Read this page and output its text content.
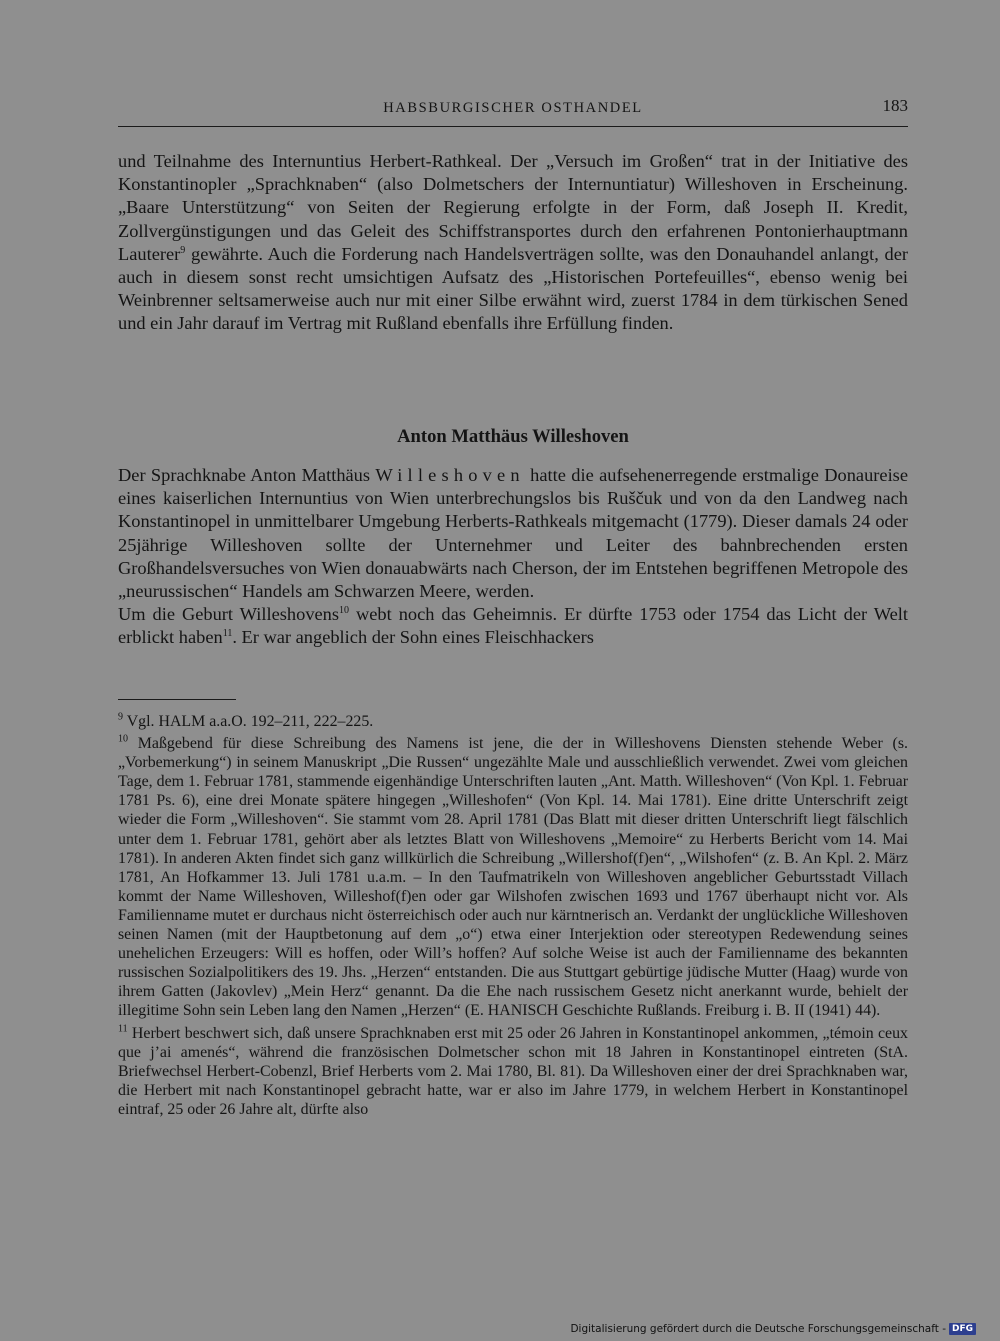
HABSBURGISCHER OSTHANDEL	183

und Teilnahme des Internuntius Herbert-Rathkeal. Der „Versuch im Großen“ trat in der Initiative des Konstantinopler „Sprachknaben“ (also Dolmetschers der Internuntiatur) Willeshoven in Erscheinung. „Baare Unterstützung“ von Seiten der Regierung erfolgte in der Form, daß Joseph II. Kredit, Zollvergünstigungen und das Geleit des Schiffstransportes durch den erfahrenen Pontonierhauptmann Lauterer$^9$ gewährte. Auch die Forderung nach Handelsverträgen sollte, was den Donauhandel anlangt, der auch in diesem sonst recht umsichtigen Aufsatz des „Historischen Portefeuilles“, ebenso wenig bei Weinbrenner seltsamerweise auch nur mit einer Silbe erwähnt wird, zuerst 1784 in dem türkischen Sened und ein Jahr darauf im Vertrag mit Rußland ebenfalls ihre Erfüllung finden.

Anton Matthäus Willeshoven

Der Sprachknabe Anton Matthäus Willeshoven hatte die aufsehenerregende erstmalige Donaureise eines kaiserlichen Internuntius von Wien unterbrechungslos bis Ruščuk und von da den Landweg nach Konstantinopel in unmittelbarer Umgebung Herberts-Rathkeals mitgemacht (1779). Dieser damals 24 oder 25jährige Willeshoven sollte der Unternehmer und Leiter des bahnbrechenden ersten Großhandelsversuches von Wien donauabwärts nach Cherson, der im Entstehen begriffenen Metropole des „neurussischen“ Handels am Schwarzen Meere, werden.
Um die Geburt Willeshovens$^{10}$ webt noch das Geheimnis. Er dürfte 1753 oder 1754 das Licht der Welt erblickt haben$^{11}$. Er war angeblich der Sohn eines Fleischhackers

$^9$ Vgl. HALM a.a.O. 192–211, 222–225.

$^{10}$ Maßgebend für diese Schreibung des Namens ist jene, die der in Willeshovens Diensten stehende Weber (s. „Vorbemerkung“) in seinem Manuskript „Die Russen“ ungezählte Male und ausschließlich verwendet. Zwei vom gleichen Tage, dem 1. Februar 1781, stammende eigenhändige Unterschriften lauten „Ant. Matth. Willeshoven“ (Von Kpl. 1. Februar 1781 Ps. 6), eine drei Monate spätere hingegen „Willeshofen“ (Von Kpl. 14. Mai 1781). Eine dritte Unterschrift zeigt wieder die Form „Willeshoven“. Sie stammt vom 28. April 1781 (Das Blatt mit dieser dritten Unterschrift liegt fälschlich unter dem 1. Februar 1781, gehört aber als letztes Blatt von Willeshovens „Memoire“ zu Herberts Bericht vom 14. Mai 1781). In anderen Akten findet sich ganz willkürlich die Schreibung „Willershof(f)en“, „Wilshofen“ (z. B. An Kpl. 2. März 1781, An Hofkammer 13. Juli 1781 u.a.m. – In den Taufmatrikeln von Willeshoven angeblicher Geburtsstadt Villach kommt der Name Willeshoven, Willeshof(f)en oder gar Wilshofen zwischen 1693 und 1767 überhaupt nicht vor. Als Familienname mutet er durchaus nicht österreichisch oder auch nur kärntnerisch an. Verdankt der unglückliche Willeshoven seinen Namen (mit der Hauptbetonung auf dem „o“) etwa einer Interjektion oder stereotypen Redewendung seines unehelichen Erzeugers: Will es hoffen, oder Will’s hoffen? Auf solche Weise ist auch der Familienname des bekannten russischen Sozialpolitikers des 19. Jhs. „Herzen“ entstanden. Die aus Stuttgart gebürtige jüdische Mutter (Haag) wurde von ihrem Gatten (Jakovlev) „Mein Herz“ genannt. Da die Ehe nach russischem Gesetz nicht anerkannt wurde, behielt der illegitime Sohn sein Leben lang den Namen „Herzen“ (E. HANISCH Geschichte Rußlands. Freiburg i. B. II (1941) 44).

$^{11}$ Herbert beschwert sich, daß unsere Sprachknaben erst mit 25 oder 26 Jahren in Konstantinopel ankommen, „témoin ceux que j’ai amenés“, während die französischen Dolmetscher schon mit 18 Jahren in Konstantinopel eintreten (StA. Briefwechsel Herbert-Cobenzl, Brief Herberts vom 2. Mai 1780, Bl. 81). Da Willeshoven einer der drei Sprachknaben war, die Herbert mit nach Konstantinopel gebracht hatte, war er also im Jahre 1779, in welchem Herbert in Konstantinopel eintraf, 25 oder 26 Jahre alt, dürfte also

Digitalisierung gefördert durch die Deutsche Forschungsgemeinschaft - DFG
